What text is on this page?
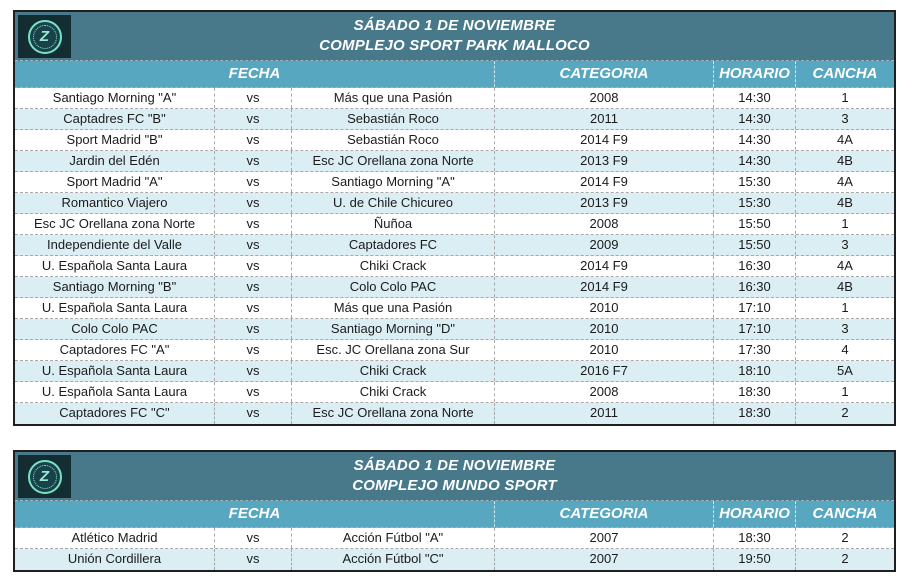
Z
SÁBADO 1 DE NOVIEMBRE
COMPLEJO SPORT PARK MALLOCO
FECHA	CATEGORIA	HORARIO	CANCHA
Santiago Morning "A"	vs	Más que una Pasión	2008	14:30	1
Captadres FC "B"	vs	Sebastián Roco	2011	14:30	3
Sport Madrid "B"	vs	Sebastián Roco	2014 F9	14:30	4A
Jardin del Edén	vs	Esc JC Orellana zona Norte	2013 F9	14:30	4B
Sport Madrid "A"	vs	Santiago Morning "A"	2014 F9	15:30	4A
Romantico Viajero	vs	U. de Chile Chicureo	2013 F9	15:30	4B
Esc JC Orellana zona Norte	vs	Ñuñoa	2008	15:50	1
Independiente del Valle	vs	Captadores FC	2009	15:50	3
U. Española Santa Laura	vs	Chiki Crack	2014 F9	16:30	4A
Santiago Morning "B"	vs	Colo Colo PAC	2014 F9	16:30	4B
U. Española Santa Laura	vs	Más que una Pasión	2010	17:10	1
Colo Colo PAC	vs	Santiago Morning "D"	2010	17:10	3
Captadores FC "A"	vs	Esc. JC Orellana zona Sur	2010	17:30	4
U. Española Santa Laura	vs	Chiki Crack	2016 F7	18:10	5A
U. Española Santa Laura	vs	Chiki Crack	2008	18:30	1
Captadores FC "C"	vs	Esc JC Orellana zona Norte	2011	18:30	2
Z
SÁBADO 1 DE NOVIEMBRE
COMPLEJO MUNDO SPORT
FECHA	CATEGORIA	HORARIO	CANCHA
Atlético Madrid	vs	Acción Fútbol "A"	2007	18:30	2
Unión Cordillera	vs	Acción Fútbol "C"	2007	19:50	2
